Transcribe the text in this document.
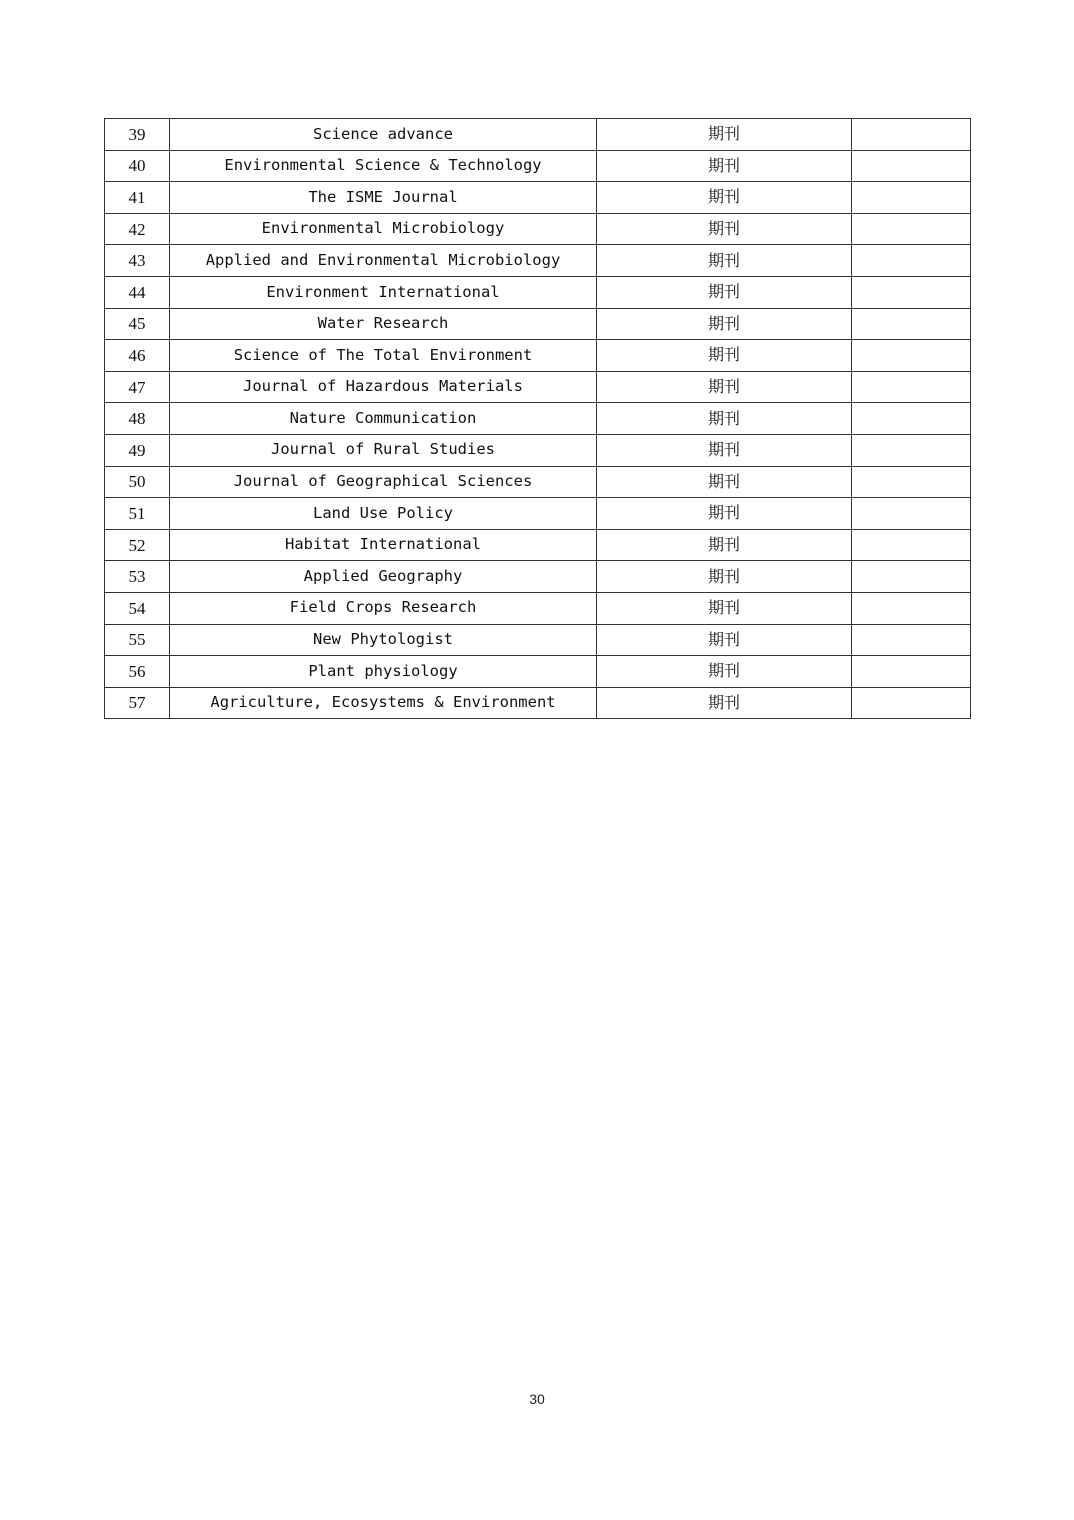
39	Science advance	期刊	
40	Environmental Science & Technology	期刊	
41	The ISME Journal	期刊	
42	Environmental Microbiology	期刊	
43	Applied and Environmental Microbiology	期刊	
44	Environment International	期刊	
45	Water Research	期刊	
46	Science of The Total Environment	期刊	
47	Journal of Hazardous Materials	期刊	
48	Nature Communication	期刊	
49	Journal of Rural Studies	期刊	
50	Journal of Geographical Sciences	期刊	
51	Land Use Policy	期刊	
52	Habitat International	期刊	
53	Applied Geography	期刊	
54	Field Crops Research	期刊	
55	New Phytologist	期刊	
56	Plant physiology	期刊	
57	Agriculture, Ecosystems & Environment	期刊	
30
